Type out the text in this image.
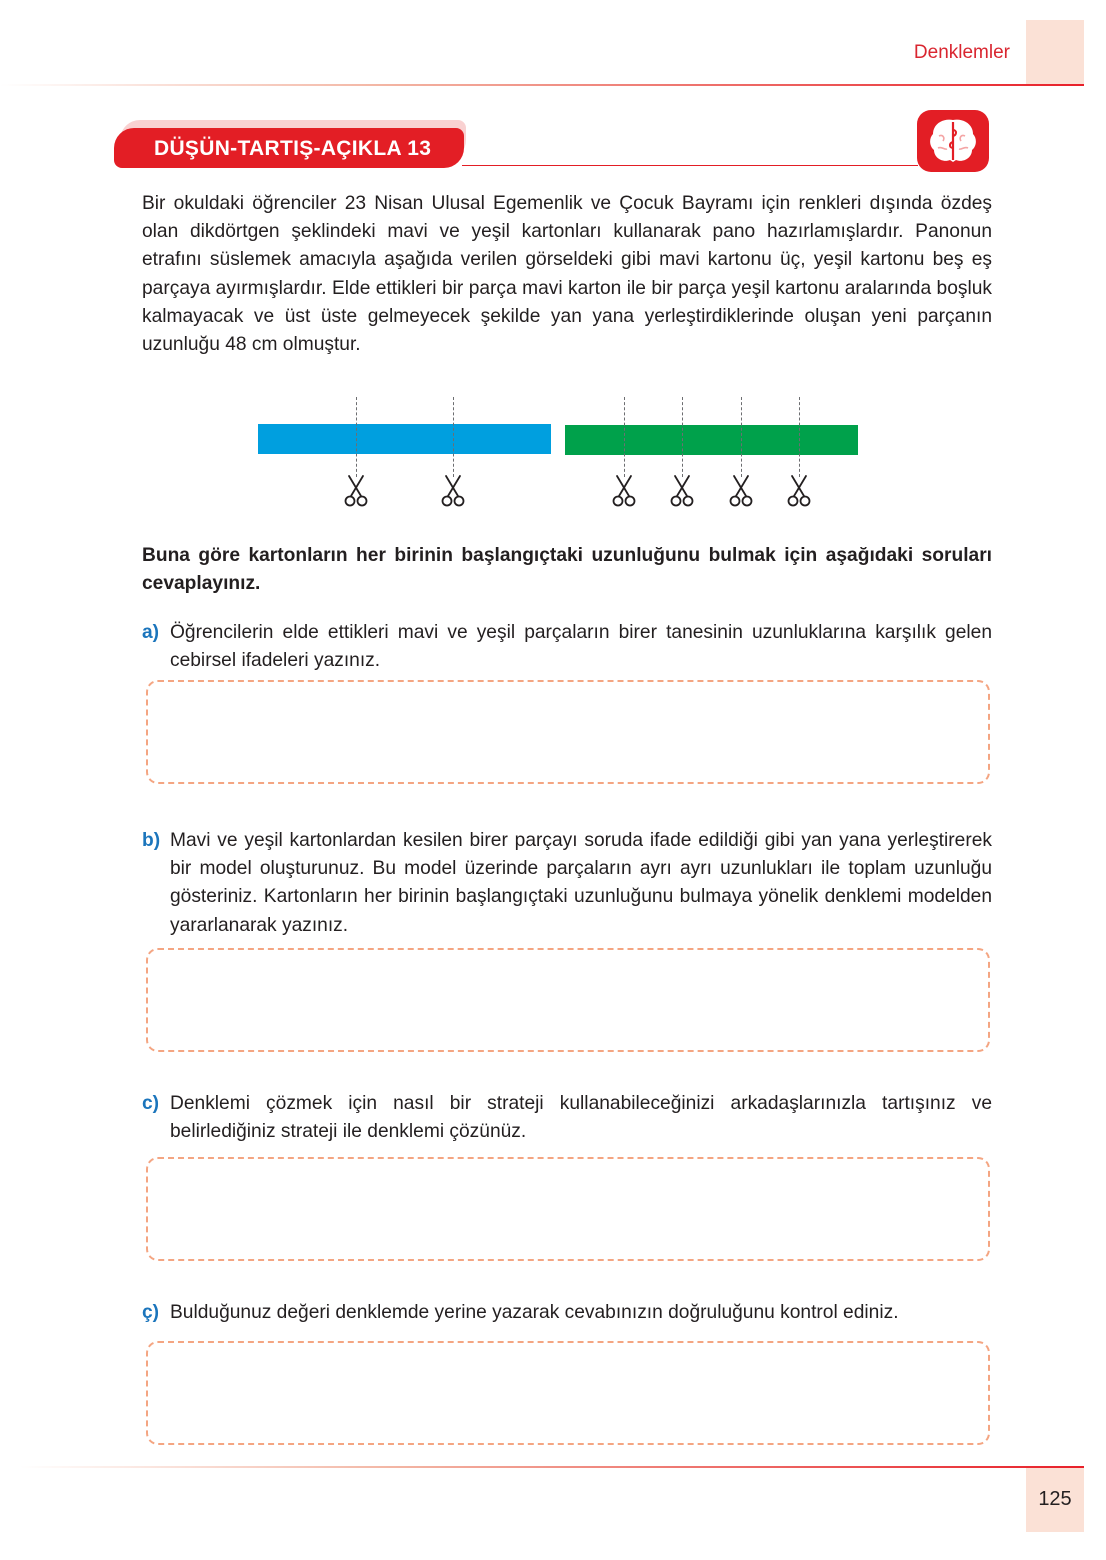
Denklemler
DÜŞÜN-TARTIŞ-AÇIKLA 13
Bir okuldaki öğrenciler 23 Nisan Ulusal Egemenlik ve Çocuk Bayramı için renkleri dışında özdeş olan dikdörtgen şeklindeki mavi ve yeşil kartonları kullanarak pano hazırlamışlardır. Panonun etrafını süslemek amacıyla aşağıda verilen görseldeki gibi mavi kartonu üç, yeşil kartonu beş eş parçaya ayırmışlardır. Elde ettikleri bir parça mavi karton ile bir parça yeşil kartonu aralarında boşluk kalmayacak ve üst üste gelmeyecek şekilde yan yana yerleştirdiklerinde oluşan yeni parçanın uzunluğu 48 cm olmuştur.
Buna göre kartonların her birinin başlangıçtaki uzunluğunu bulmak için aşağıdaki soruları cevaplayınız.
a) Öğrencilerin elde ettikleri mavi ve yeşil parçaların birer tanesinin uzunluklarına karşılık gelen cebirsel ifadeleri yazınız.
b) Mavi ve yeşil kartonlardan kesilen birer parçayı soruda ifade edildiği gibi yan yana yerleştirerek bir model oluşturunuz. Bu model üzerinde parçaların ayrı ayrı uzunlukları ile toplam uzunluğu gösteriniz. Kartonların her birinin başlangıçtaki uzunluğunu bulmaya yönelik denklemi modelden yararlanarak yazınız.
c) Denklemi çözmek için nasıl bir strateji kullanabileceğinizi arkadaşlarınızla tartışınız ve belirlediğiniz strateji ile denklemi çözünüz.
ç) Bulduğunuz değeri denklemde yerine yazarak cevabınızın doğruluğunu kontrol ediniz.
125
